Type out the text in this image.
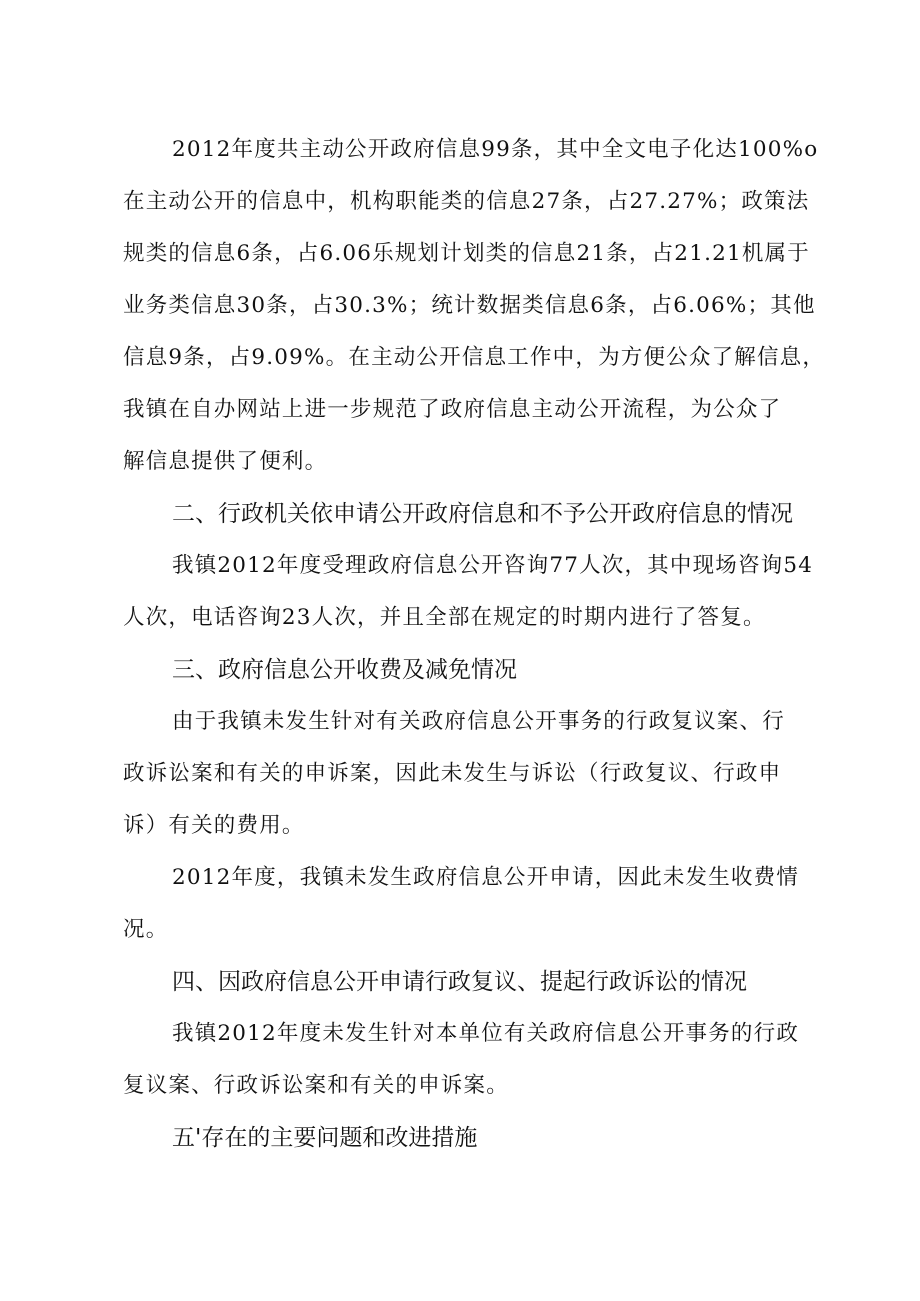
2012年度共主动公开政府信息99条，其中全文电子化达100%o
在主动公开的信息中，机构职能类的信息27条，占27.27%；政策法
规类的信息6条，占6.06乐规划计划类的信息21条，占21.21机属于
业务类信息30条，占30.3%；统计数据类信息6条，占6.06%；其他
信息9条，占9.09%。在主动公开信息工作中，为方便公众了解信息，
我镇在自办网站上进一步规范了政府信息主动公开流程，为公众了
解信息提供了便利。
二、行政机关依申请公开政府信息和不予公开政府信息的情况
我镇2012年度受理政府信息公开咨询77人次，其中现场咨询54
人次，电话咨询23人次，并且全部在规定的时期内进行了答复。
三、政府信息公开收费及减免情况
由于我镇未发生针对有关政府信息公开事务的行政复议案、行
政诉讼案和有关的申诉案，因此未发生与诉讼（行政复议、行政申
诉）有关的费用。
2012年度，我镇未发生政府信息公开申请，因此未发生收费情
况。
四、因政府信息公开申请行政复议、提起行政诉讼的情况
我镇2012年度未发生针对本单位有关政府信息公开事务的行政
复议案、行政诉讼案和有关的申诉案。
五'存在的主要问题和改进措施
